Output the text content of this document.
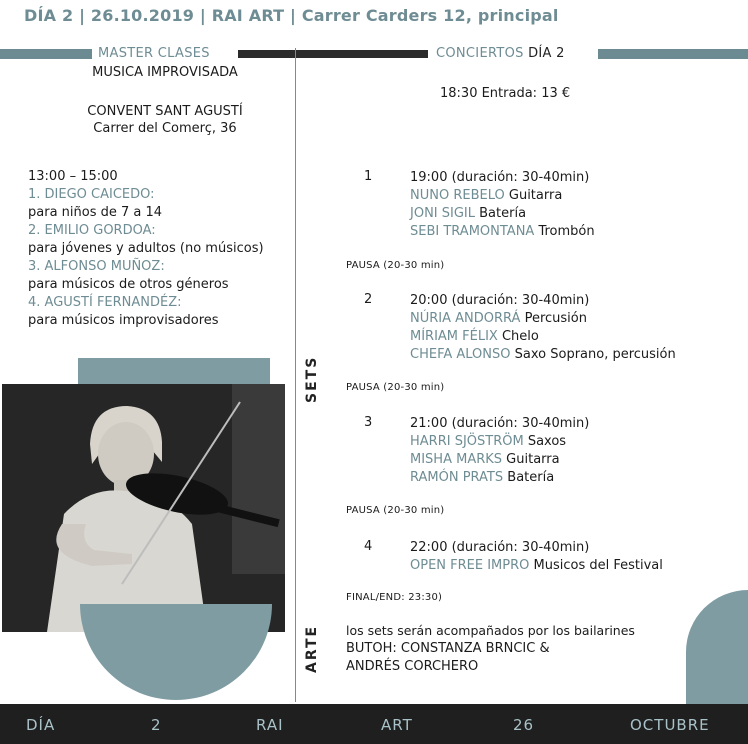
DÍA 2 | 26.10.2019 | RAI ART | Carrer Carders 12, principal
MASTER CLASES	CONCIERTOS DÍA 2
MUSICA IMPROVISADA
CONVENT SANT AGUSTÍ
Carrer del Comerç, 36
13:00 – 15:00
1. DIEGO CAICEDO:
para niños de 7 a 14
2. EMILIO GORDOA:
para jóvenes y adultos (no músicos)
3. ALFONSO MUÑOZ:
para músicos de otros géneros
4. AGUSTÍ FERNANDÉZ:
para músicos improvisadores
SETS
ARTE
18:30 Entrada: 13 €
1	19:00 (duración: 30-40min)
NUNO REBELO Guitarra
JONI SIGIL Batería
SEBI TRAMONTANA Trombón
PAUSA (20-30 min)
2	20:00 (duración: 30-40min)
NÚRIA ANDORRÁ Percusión
MÍRIAM FÉLIX Chelo
CHEFA ALONSO Saxo Soprano, percusión
PAUSA (20-30 min)
3	21:00 (duración: 30-40min)
HARRI SJÖSTRÖM Saxos
MISHA MARKS Guitarra
RAMÓN PRATS Batería
PAUSA (20-30 min)
4	22:00 (duración: 30-40min)
OPEN FREE IMPRO Musicos del Festival
FINAL/END: 23:30)
los sets serán acompañados por los bailarines
BUTOH: CONSTANZA BRNCIC &
ANDRÉS CORCHERO
DÍA	2	RAI	ART	26	OCTUBRE
